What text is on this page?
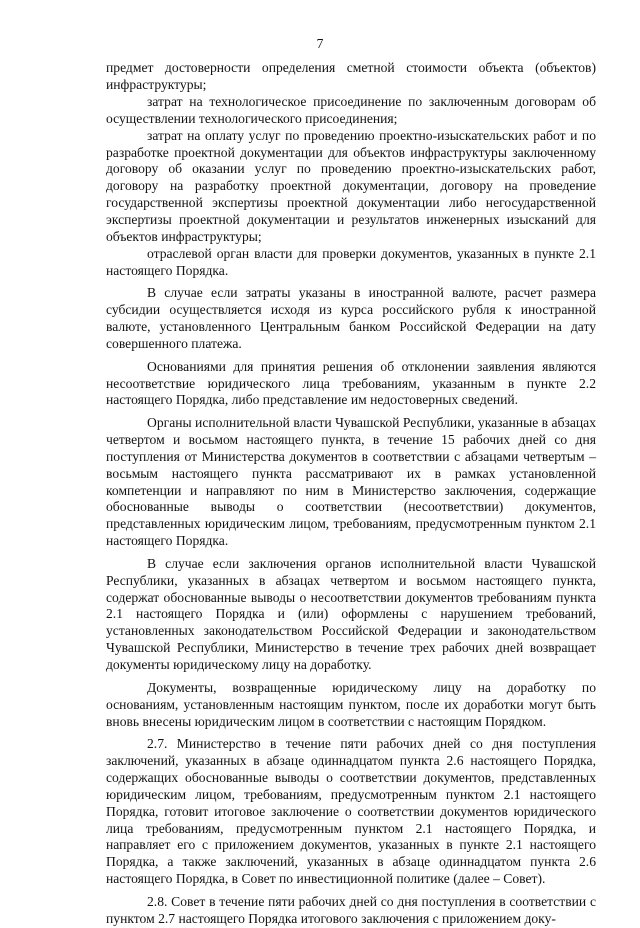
7

предмет достоверности определения сметной стоимости объекта (объектов) инфраструктуры;

затрат на технологическое присоединение по заключенным договорам об осуществлении технологического присоединения;

затрат на оплату услуг по проведению проектно-изыскательских работ и по разработке проектной документации для объектов инфраструктуры заключенному договору об оказании услуг по проведению проектно-изыскательских работ, договору на разработку проектной документации, договору на проведение государственной экспертизы проектной документации либо негосударственной экспертизы проектной документации и результатов инженерных изысканий для объектов инфраструктуры;

отраслевой орган власти для проверки документов, указанных в пункте 2.1 настоящего Порядка.

В случае если затраты указаны в иностранной валюте, расчет размера субсидии осуществляется исходя из курса российского рубля к иностранной валюте, установленного Центральным банком Российской Федерации на дату совершенного платежа.

Основаниями для принятия решения об отклонении заявления являются несоответствие юридического лица требованиям, указанным в пункте 2.2 настоящего Порядка, либо представление им недостоверных сведений.

Органы исполнительной власти Чувашской Республики, указанные в абзацах четвертом и восьмом настоящего пункта, в течение 15 рабочих дней со дня поступления от Министерства документов в соответствии с абзацами четвертым – восьмым настоящего пункта рассматривают их в рамках установленной компетенции и направляют по ним в Министерство заключения, содержащие обоснованные выводы о соответствии (несоответствии) документов, представленных юридическим лицом, требованиям, предусмотренным пунктом 2.1 настоящего Порядка.

В случае если заключения органов исполнительной власти Чувашской Республики, указанных в абзацах четвертом и восьмом настоящего пункта, содержат обоснованные выводы о несоответствии документов требованиям пункта 2.1 настоящего Порядка и (или) оформлены с нарушением требований, установленных законодательством Российской Федерации и законодательством Чувашской Республики, Министерство в течение трех рабочих дней возвращает документы юридическому лицу на доработку.

Документы, возвращенные юридическому лицу на доработку по основаниям, установленным настоящим пунктом, после их доработки могут быть вновь внесены юридическим лицом в соответствии с настоящим Порядком.

2.7. Министерство в течение пяти рабочих дней со дня поступления заключений, указанных в абзаце одиннадцатом пункта 2.6 настоящего Порядка, содержащих обоснованные выводы о соответствии документов, представленных юридическим лицом, требованиям, предусмотренным пунктом 2.1 настоящего Порядка, готовит итоговое заключение о соответствии документов юридического лица требованиям, предусмотренным пунктом 2.1 настоящего Порядка, и направляет его с приложением документов, указанных в пункте 2.1 настоящего Порядка, а также заключений, указанных в абзаце одиннадцатом пункта 2.6 настоящего Порядка, в Совет по инвестиционной политике (далее – Совет).

2.8. Совет в течение пяти рабочих дней со дня поступления в соответствии с пунктом 2.7 настоящего Порядка итогового заключения с приложением доку-
